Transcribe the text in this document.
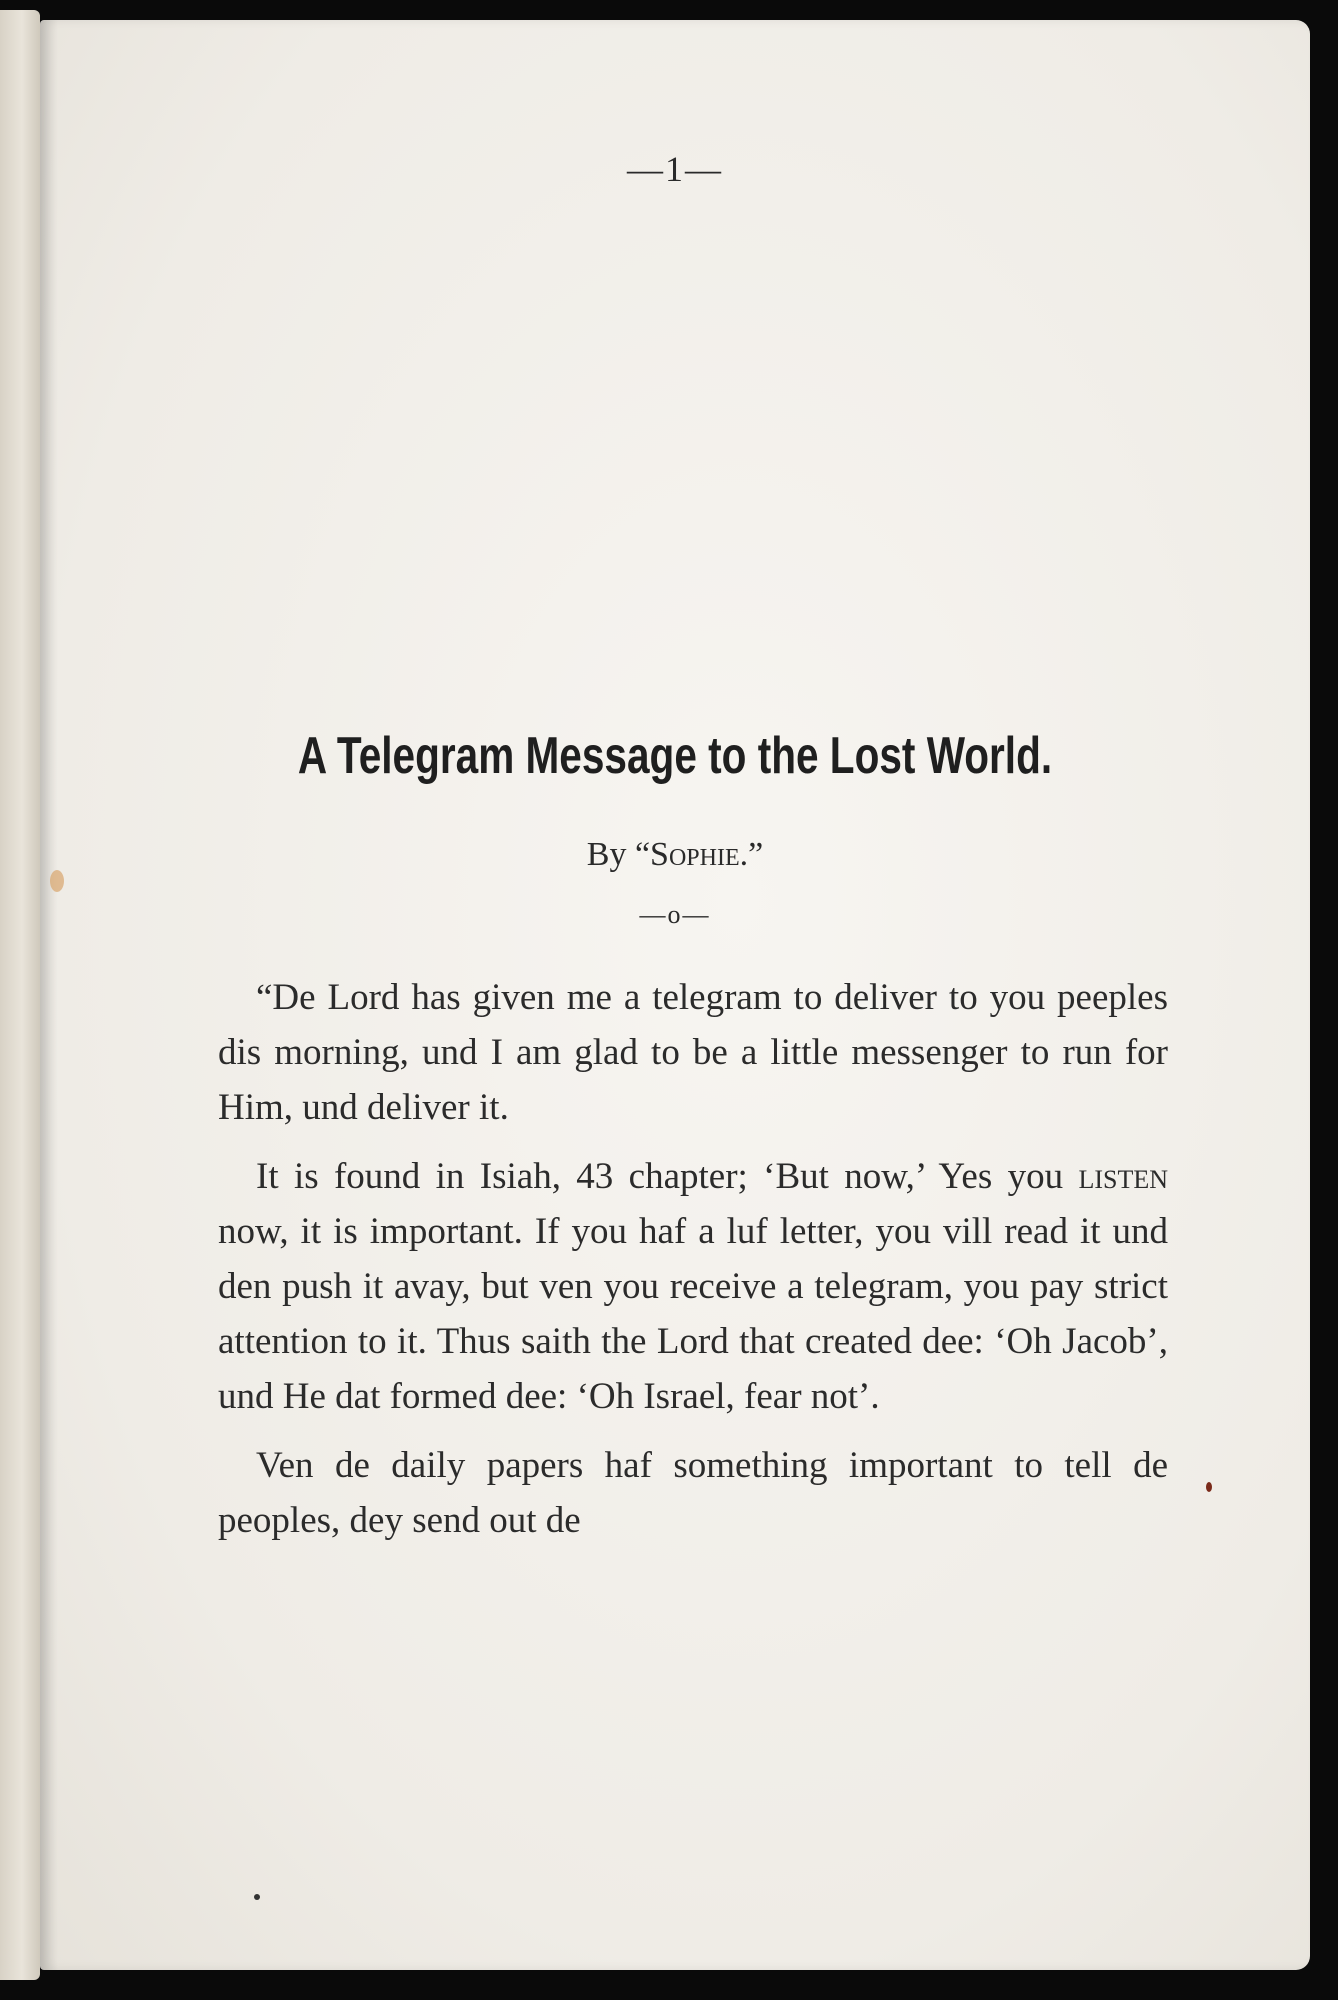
—1—
A Telegram Message to the Lost World.
By “Sophie.”
—o—

“De Lord has given me a telegram to deliver to you peeples dis morning, und I am glad to be a little messenger to run for Him, und deliver it.

It is found in Isiah, 43 chapter; ‘But now,’ Yes you listen now, it is important. If you haf a luf letter, you vill read it und den push it avay, but ven you receive a telegram, you pay strict attention to it. Thus saith the Lord that created dee: ‘Oh Jacob’, und He dat formed dee: ‘Oh Israel, fear not’.

Ven de daily papers haf something important to tell de peoples, dey send out de
